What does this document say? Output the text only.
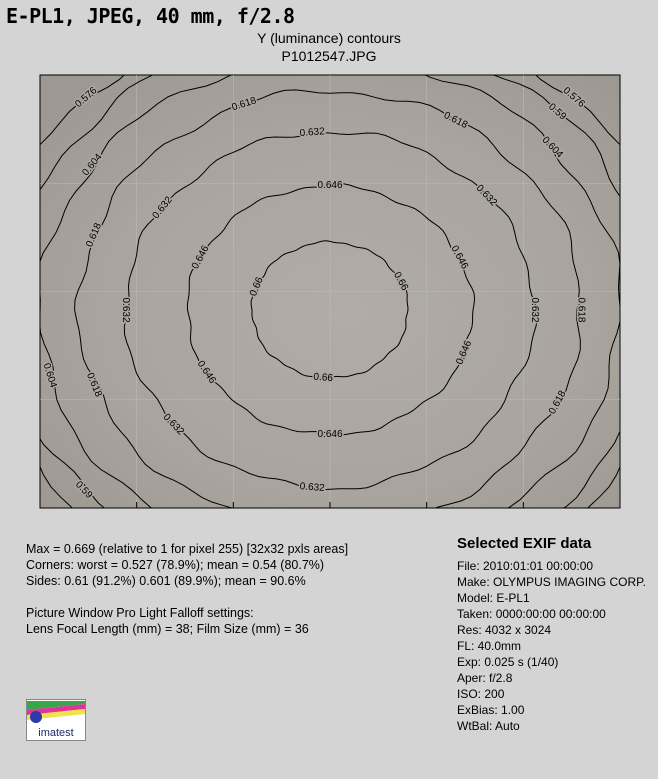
E-PL1, JPEG, 40 mm, f/2.8
Y (luminance) contours
P1012547.JPG
0.66	0.66
0.66
0.646
0.646
0.646
0.646
0.646
0.646
0.632
0.632
0.632
0.632
0.632
0.632
0.632
0.618
0.618
0.618
0.618
0.618
0.618
0.604
0.604
0.604
0.59
0.59
0.576	0.576
Max = 0.669 (relative to 1 for pixel 255) [32x32 pxls areas]
Corners: worst = 0.527 (78.9%); mean = 0.54 (80.7%)
Sides: 0.61 (91.2%) 0.601 (89.9%); mean = 90.6%
Picture Window Pro Light Falloff settings:
Lens Focal Length (mm) = 38; Film Size (mm) = 36
Selected EXIF data
File: 2010:01:01 00:00:00
Make: OLYMPUS IMAGING CORP.
Model: E-PL1
Taken: 0000:00:00 00:00:00
Res: 4032 x 3024
FL: 40.0mm
Exp: 0.025 s (1/40)
Aper: f/2.8
ISO: 200
ExBias: 1.00
WtBal: Auto
imatest
